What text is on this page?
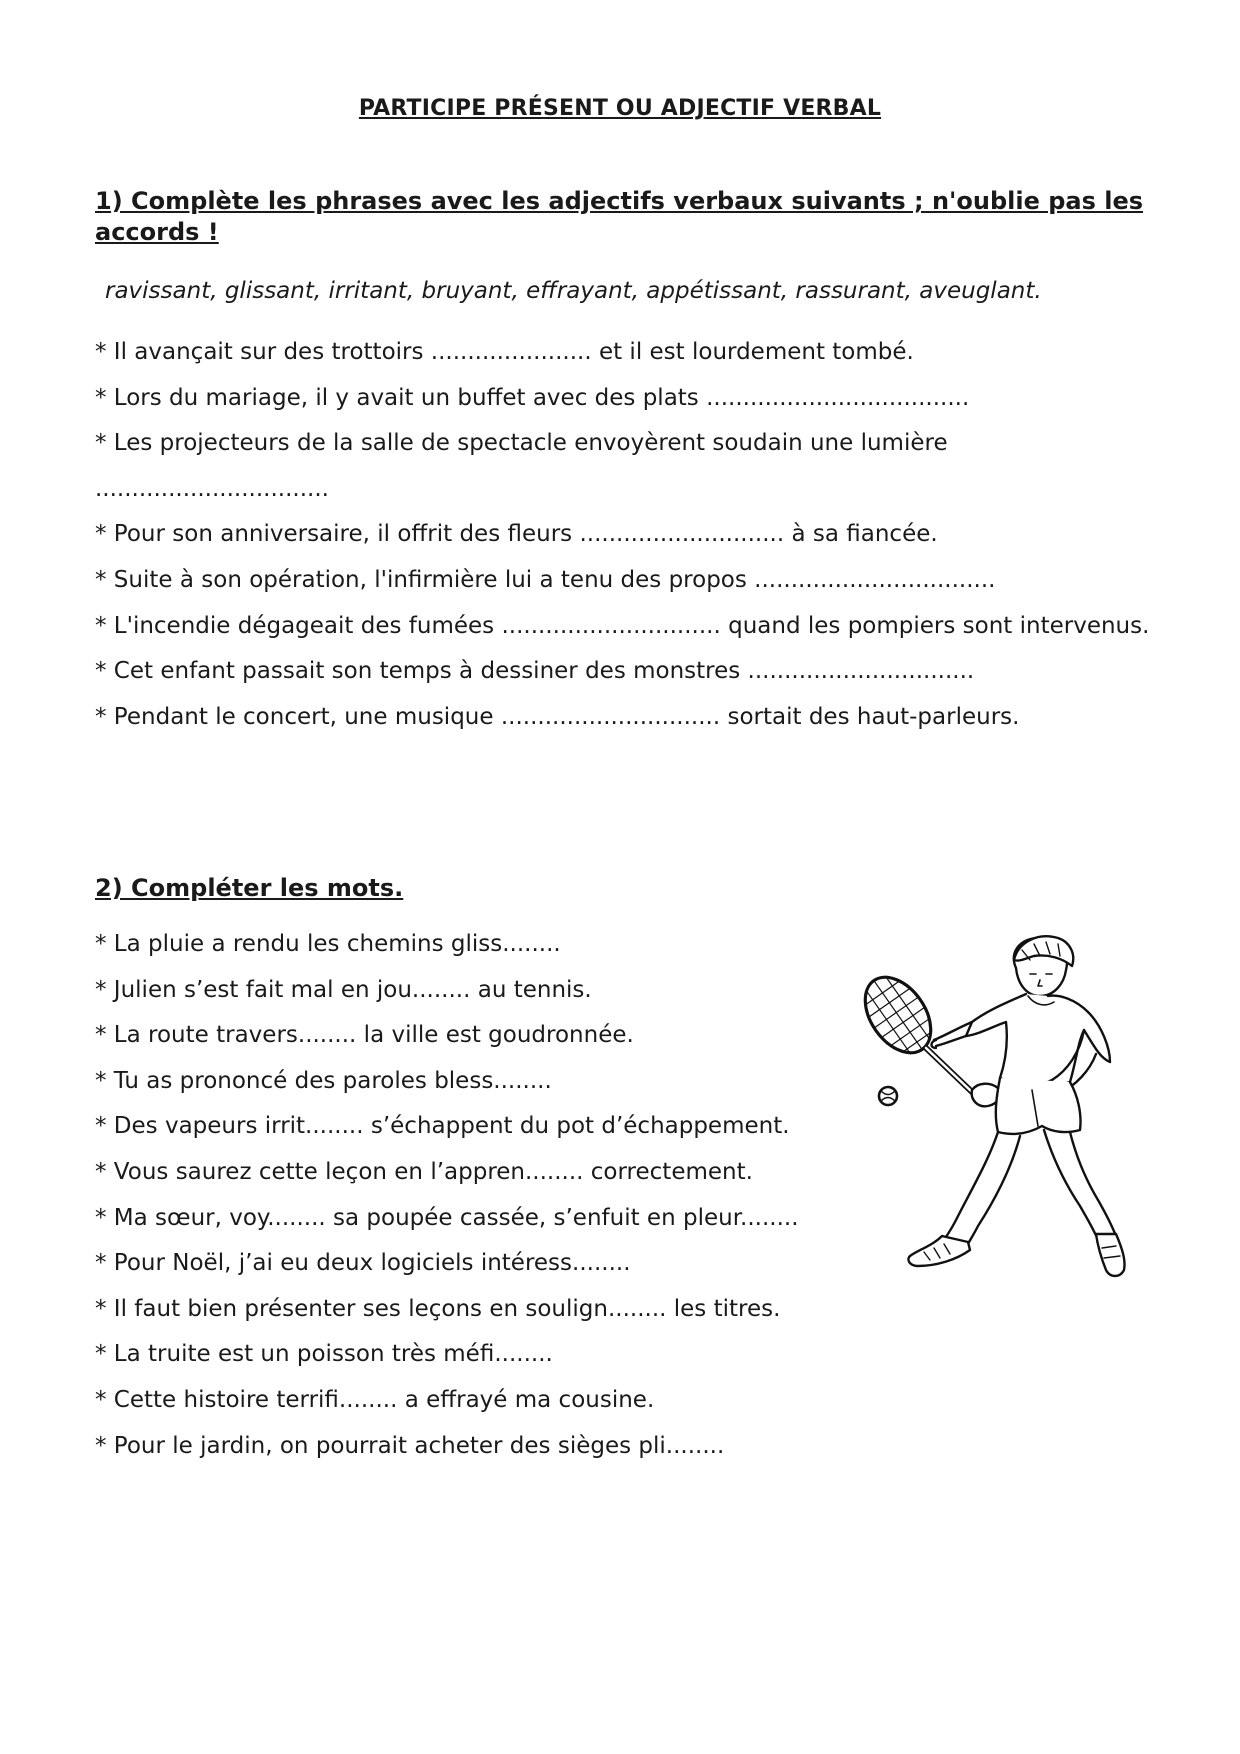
PARTICIPE PRÉSENT OU ADJECTIF VERBAL
1) Complète les phrases avec les adjectifs verbaux suivants ; n'oublie pas les accords !
ravissant, glissant, irritant, bruyant, effrayant, appétissant, rassurant, aveuglant.
* Il avançait sur des trottoirs ...................... et il est lourdement tombé.
* Lors du mariage, il y avait un buffet avec des plats ....................................
* Les projecteurs de la salle de spectacle envoyèrent soudain une lumière ................................
* Pour son anniversaire, il offrit des fleurs ............................ à sa fiancée.
* Suite à son opération, l'infirmière lui a tenu des propos .................................
* L'incendie dégageait des fumées .............................. quand les pompiers sont intervenus.
* Cet enfant passait son temps à dessiner des monstres ...............................
* Pendant le concert, une musique .............................. sortait des haut-parleurs.
2) Compléter les mots.
* La pluie a rendu les chemins gliss........
* Julien s’est fait mal en jou........ au tennis.
* La route travers........ la ville est goudronnée.
* Tu as prononcé des paroles bless........
* Des vapeurs irrit........ s’échappent du pot d’échappement.
* Vous saurez cette leçon en l’appren........ correctement.
* Ma sœur, voy........ sa poupée cassée, s’enfuit en pleur........
* Pour Noël, j’ai eu deux logiciels intéress........
* Il faut bien présenter ses leçons en soulign........ les titres.
* La truite est un poisson très méfi........
* Cette histoire terrifi........ a effrayé ma cousine.
* Pour le jardin, on pourrait acheter des sièges pli........
